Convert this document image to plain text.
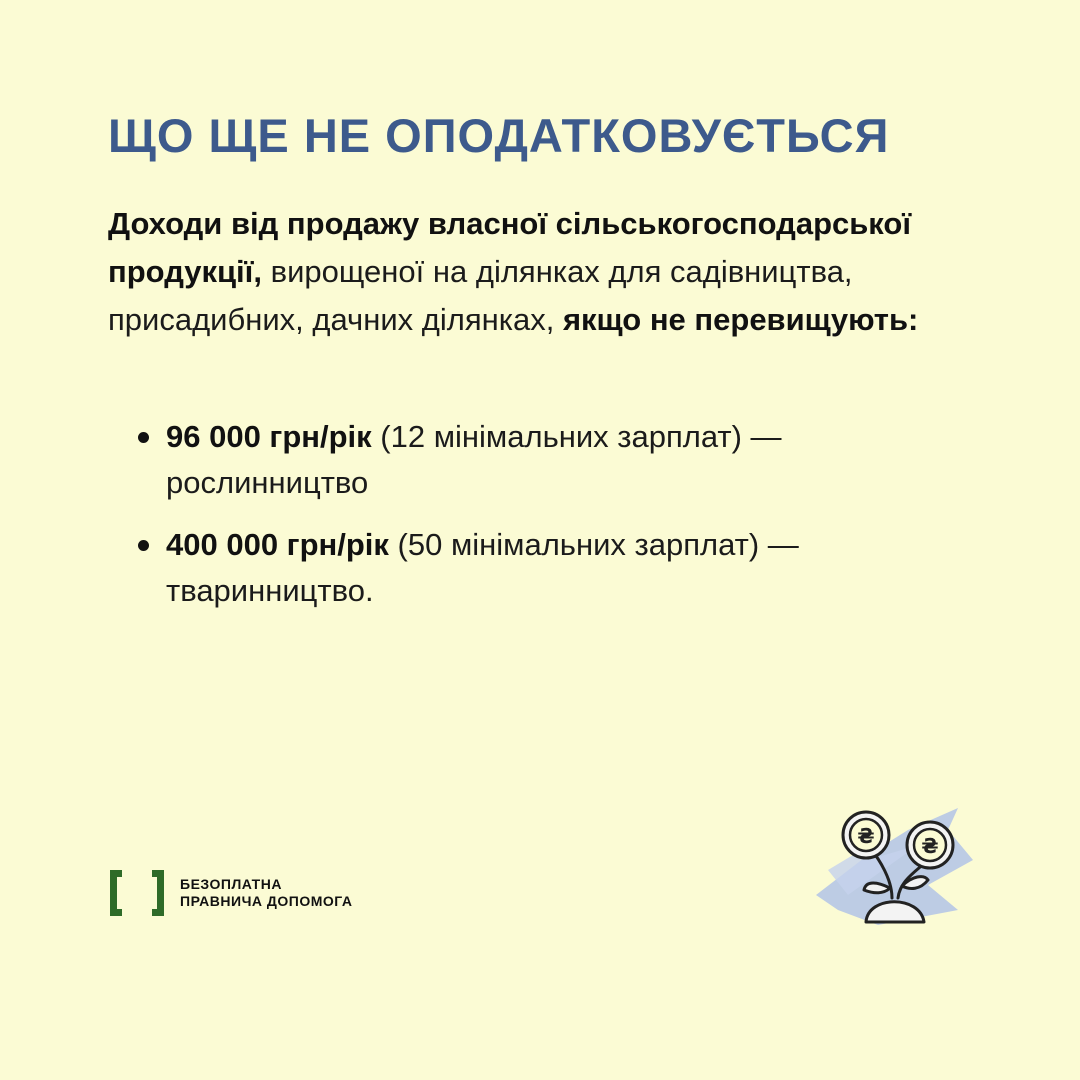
ЩО ЩЕ НЕ ОПОДАТКОВУЄТЬСЯ

Доходи від продажу власної сільськогосподарської продукції, вирощеної на ділянках для садівництва, присадибних, дачних ділянках, якщо не перевищують:

96 000 грн/рік (12 мінімальних зарплат) — рослинництво
400 000 грн/рік (50 мінімальних зарплат) — тваринництво.
БЕЗОПЛАТНА
ПРАВНИЧА ДОПОМОГА
₴ ₴
